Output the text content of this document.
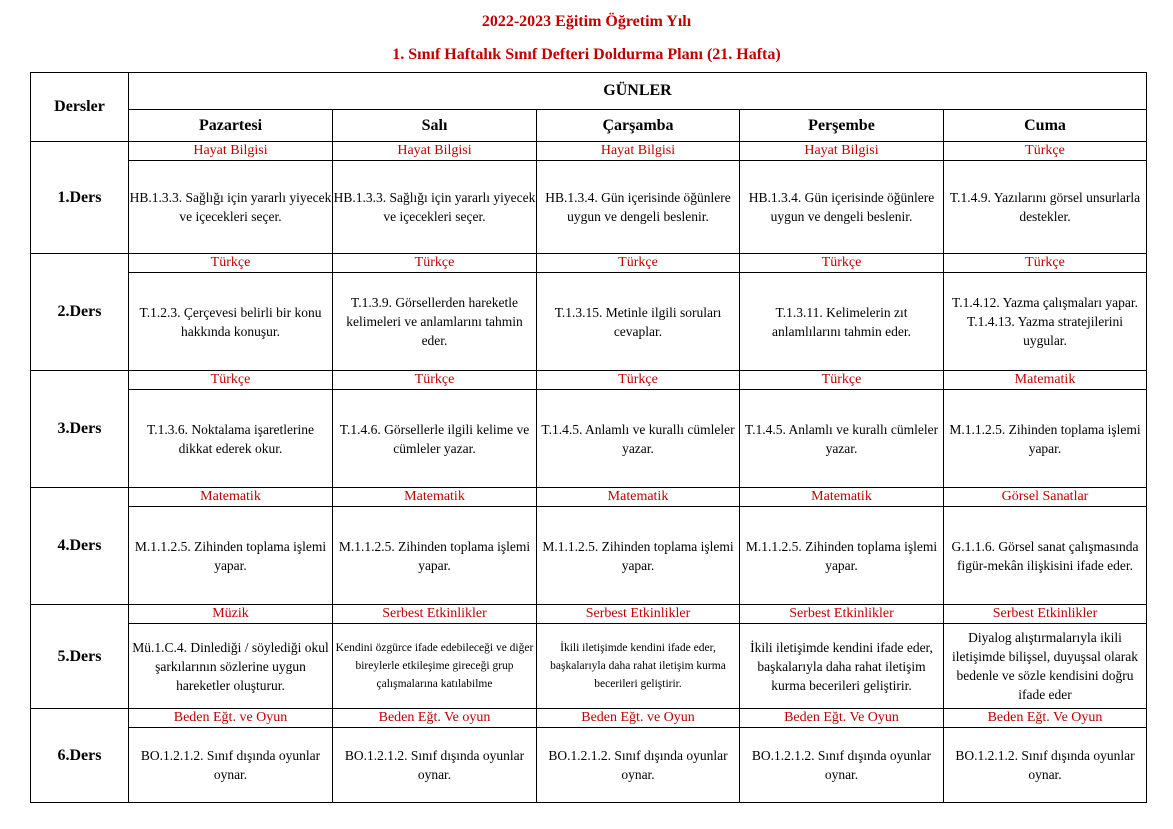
2022-2023 Eğitim Öğretim Yılı
1. Sınıf Haftalık Sınıf Defteri Doldurma Planı (21. Hafta)
Dersler	GÜNLER				
	Pazartesi	Salı	Çarşamba	Perşembe	Cuma
1.Ders	Hayat Bilgisi	Hayat Bilgisi	Hayat Bilgisi	Hayat Bilgisi	Türkçe

	HB.1.3.3. Sağlığı için yararlı yiyecek ve içecekleri seçer.	HB.1.3.3. Sağlığı için yararlı yiyecek ve içecekleri seçer.	HB.1.3.4. Gün içerisinde öğünlere uygun ve dengeli beslenir.	HB.1.3.4. Gün içerisinde öğünlere uygun ve dengeli beslenir.	T.1.4.9. Yazılarını görsel unsurlarla destekler.

2.Ders	Türkçe	Türkçe	Türkçe	Türkçe	Türkçe

	T.1.2.3. Çerçevesi belirli bir konu hakkında konuşur.	T.1.3.9. Görsellerden hareketle kelimeleri ve anlamlarını tahmin eder.	T.1.3.15. Metinle ilgili soruları cevaplar.	T.1.3.11. Kelimelerin zıt anlamlılarını tahmin eder.	T.1.4.12. Yazma çalışmaları yapar.
T.1.4.13. Yazma stratejilerini uygular.

3.Ders	Türkçe	Türkçe	Türkçe	Türkçe	Matematik

	T.1.3.6. Noktalama işaretlerine dikkat ederek okur.	T.1.4.6. Görsellerle ilgili kelime ve cümleler yazar.	T.1.4.5. Anlamlı ve kurallı cümleler yazar.	T.1.4.5. Anlamlı ve kurallı cümleler yazar.	M.1.1.2.5. Zihinden toplama işlemi yapar.

4.Ders	Matematik	Matematik	Matematik	Matematik	Görsel Sanatlar

	M.1.1.2.5. Zihinden toplama işlemi yapar.	M.1.1.2.5. Zihinden toplama işlemi yapar.	M.1.1.2.5. Zihinden toplama işlemi yapar.	M.1.1.2.5. Zihinden toplama işlemi yapar.	G.1.1.6. Görsel sanat çalışmasında figür-mekân ilişkisini ifade eder.

5.Ders	Müzik	Serbest Etkinlikler	Serbest Etkinlikler	Serbest Etkinlikler	Serbest Etkinlikler

	Mü.1.C.4. Dinlediği / söylediği okul şarkılarının sözlerine uygun hareketler oluşturur.	Kendini özgürce ifade edebileceği ve diğer bireylerle etkileşime gireceği grup çalışmalarına katılabilme	İkili iletişimde kendini ifade eder, başkalarıyla daha rahat iletişim kurma becerileri geliştirir.	İkili iletişimde kendini ifade eder, başkalarıyla daha rahat iletişim kurma becerileri geliştirir.	Diyalog alıştırmalarıyla ikili iletişimde bilişsel, duyuşsal olarak bedenle ve sözle kendisini doğru ifade eder

6.Ders	Beden Eğt. ve Oyun	Beden Eğt. Ve oyun	Beden Eğt. ve Oyun	Beden Eğt. Ve Oyun	Beden Eğt. Ve Oyun

	BO.1.2.1.2. Sınıf dışında oyunlar oynar.	BO.1.2.1.2. Sınıf dışında oyunlar oynar.	BO.1.2.1.2. Sınıf dışında oyunlar oynar.	BO.1.2.1.2. Sınıf dışında oyunlar oynar.	BO.1.2.1.2. Sınıf dışında oyunlar oynar.
